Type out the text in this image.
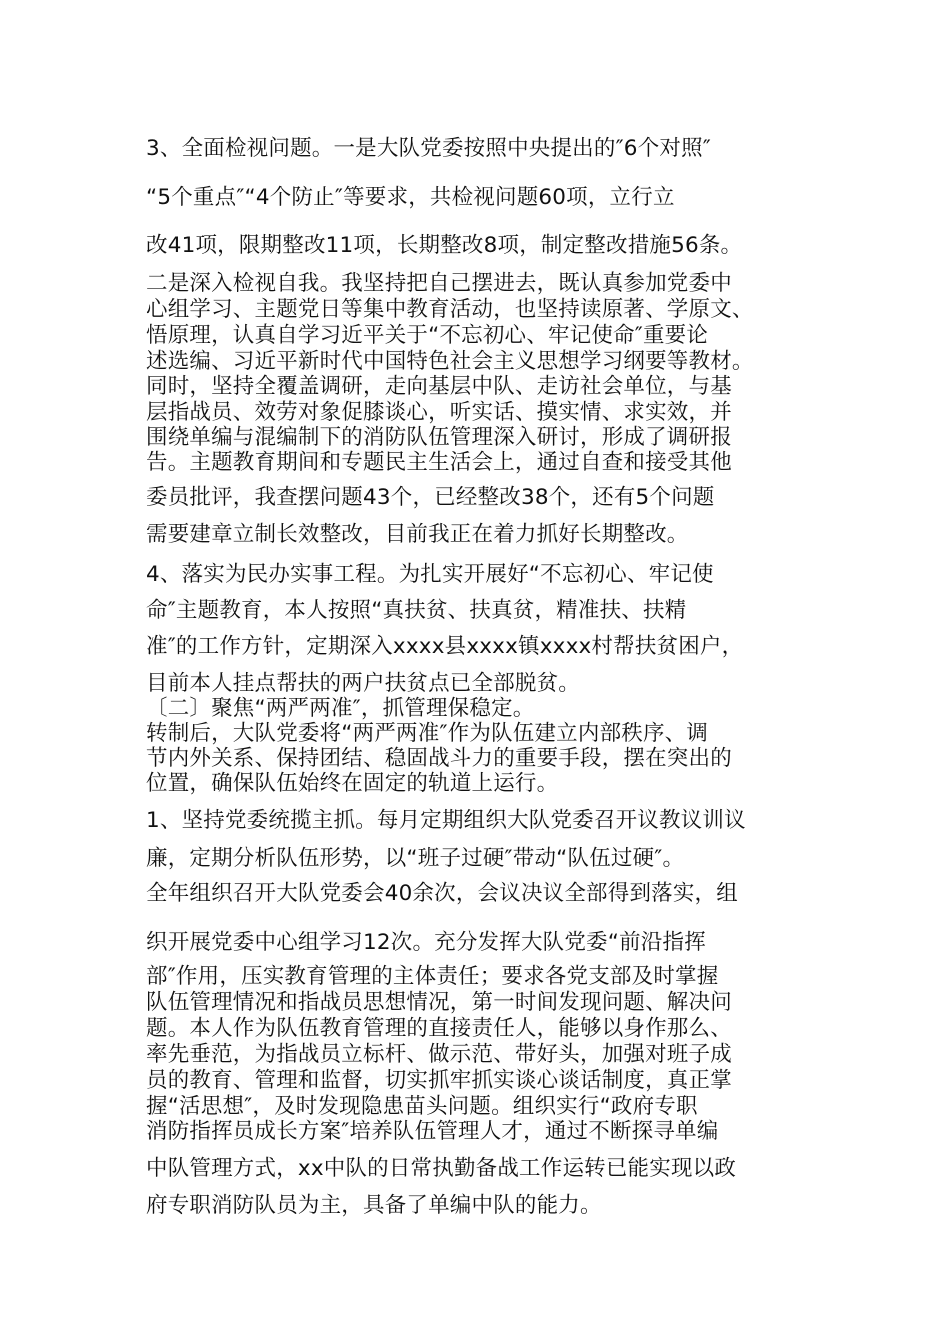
3、全面检视问题。一是大队党委按照中央提出的″6个对照″
“5个重点″“4个防止″等要求，共检视问题60项，立行立
改41项，限期整改11项，长期整改8项，制定整改措施56条。
二是深入检视自我。我坚持把自己摆进去，既认真参加党委中
心组学习、主题党日等集中教育活动，也坚持读原著、学原文、
悟原理，认真自学习近平关于“不忘初心、牢记使命″重要论
述选编、习近平新时代中国特色社会主义思想学习纲要等教材。
同时，坚持全覆盖调研，走向基层中队、走访社会单位，与基
层指战员、效劳对象促膝谈心，听实话、摸实情、求实效，并
围绕单编与混编制下的消防队伍管理深入研讨，形成了调研报
告。主题教育期间和专题民主生活会上，通过自查和接受其他
委员批评，我查摆问题43个，已经整改38个，还有5个问题
需要建章立制长效整改，目前我正在着力抓好长期整改。
4、落实为民办实事工程。为扎实开展好“不忘初心、牢记使
命″主题教育，本人按照“真扶贫、扶真贫，精准扶、扶精
准″的工作方针，定期深入xxxx县xxxx镇xxxx村帮扶贫困户，
目前本人挂点帮扶的两户扶贫点已全部脱贫。
〔二〕聚焦“两严两准″，抓管理保稳定。
转制后，大队党委将“两严两准″作为队伍建立内部秩序、调
节内外关系、保持团结、稳固战斗力的重要手段，摆在突出的
位置，确保队伍始终在固定的轨道上运行。
1、坚持党委统揽主抓。每月定期组织大队党委召开议教议训议
廉，定期分析队伍形势，以“班子过硬″带动“队伍过硬″。
全年组织召开大队党委会40余次，会议决议全部得到落实，组
织开展党委中心组学习12次。充分发挥大队党委“前沿指挥
部″作用，压实教育管理的主体责任；要求各党支部及时掌握
队伍管理情况和指战员思想情况，第一时间发现问题、解决问
题。本人作为队伍教育管理的直接责任人，能够以身作那么、
率先垂范，为指战员立标杆、做示范、带好头，加强对班子成
员的教育、管理和监督，切实抓牢抓实谈心谈话制度，真正掌
握“活思想″，及时发现隐患苗头问题。组织实行“政府专职
消防指挥员成长方案″培养队伍管理人才，通过不断探寻单编
中队管理方式，xx中队的日常执勤备战工作运转已能实现以政
府专职消防队员为主，具备了单编中队的能力。
